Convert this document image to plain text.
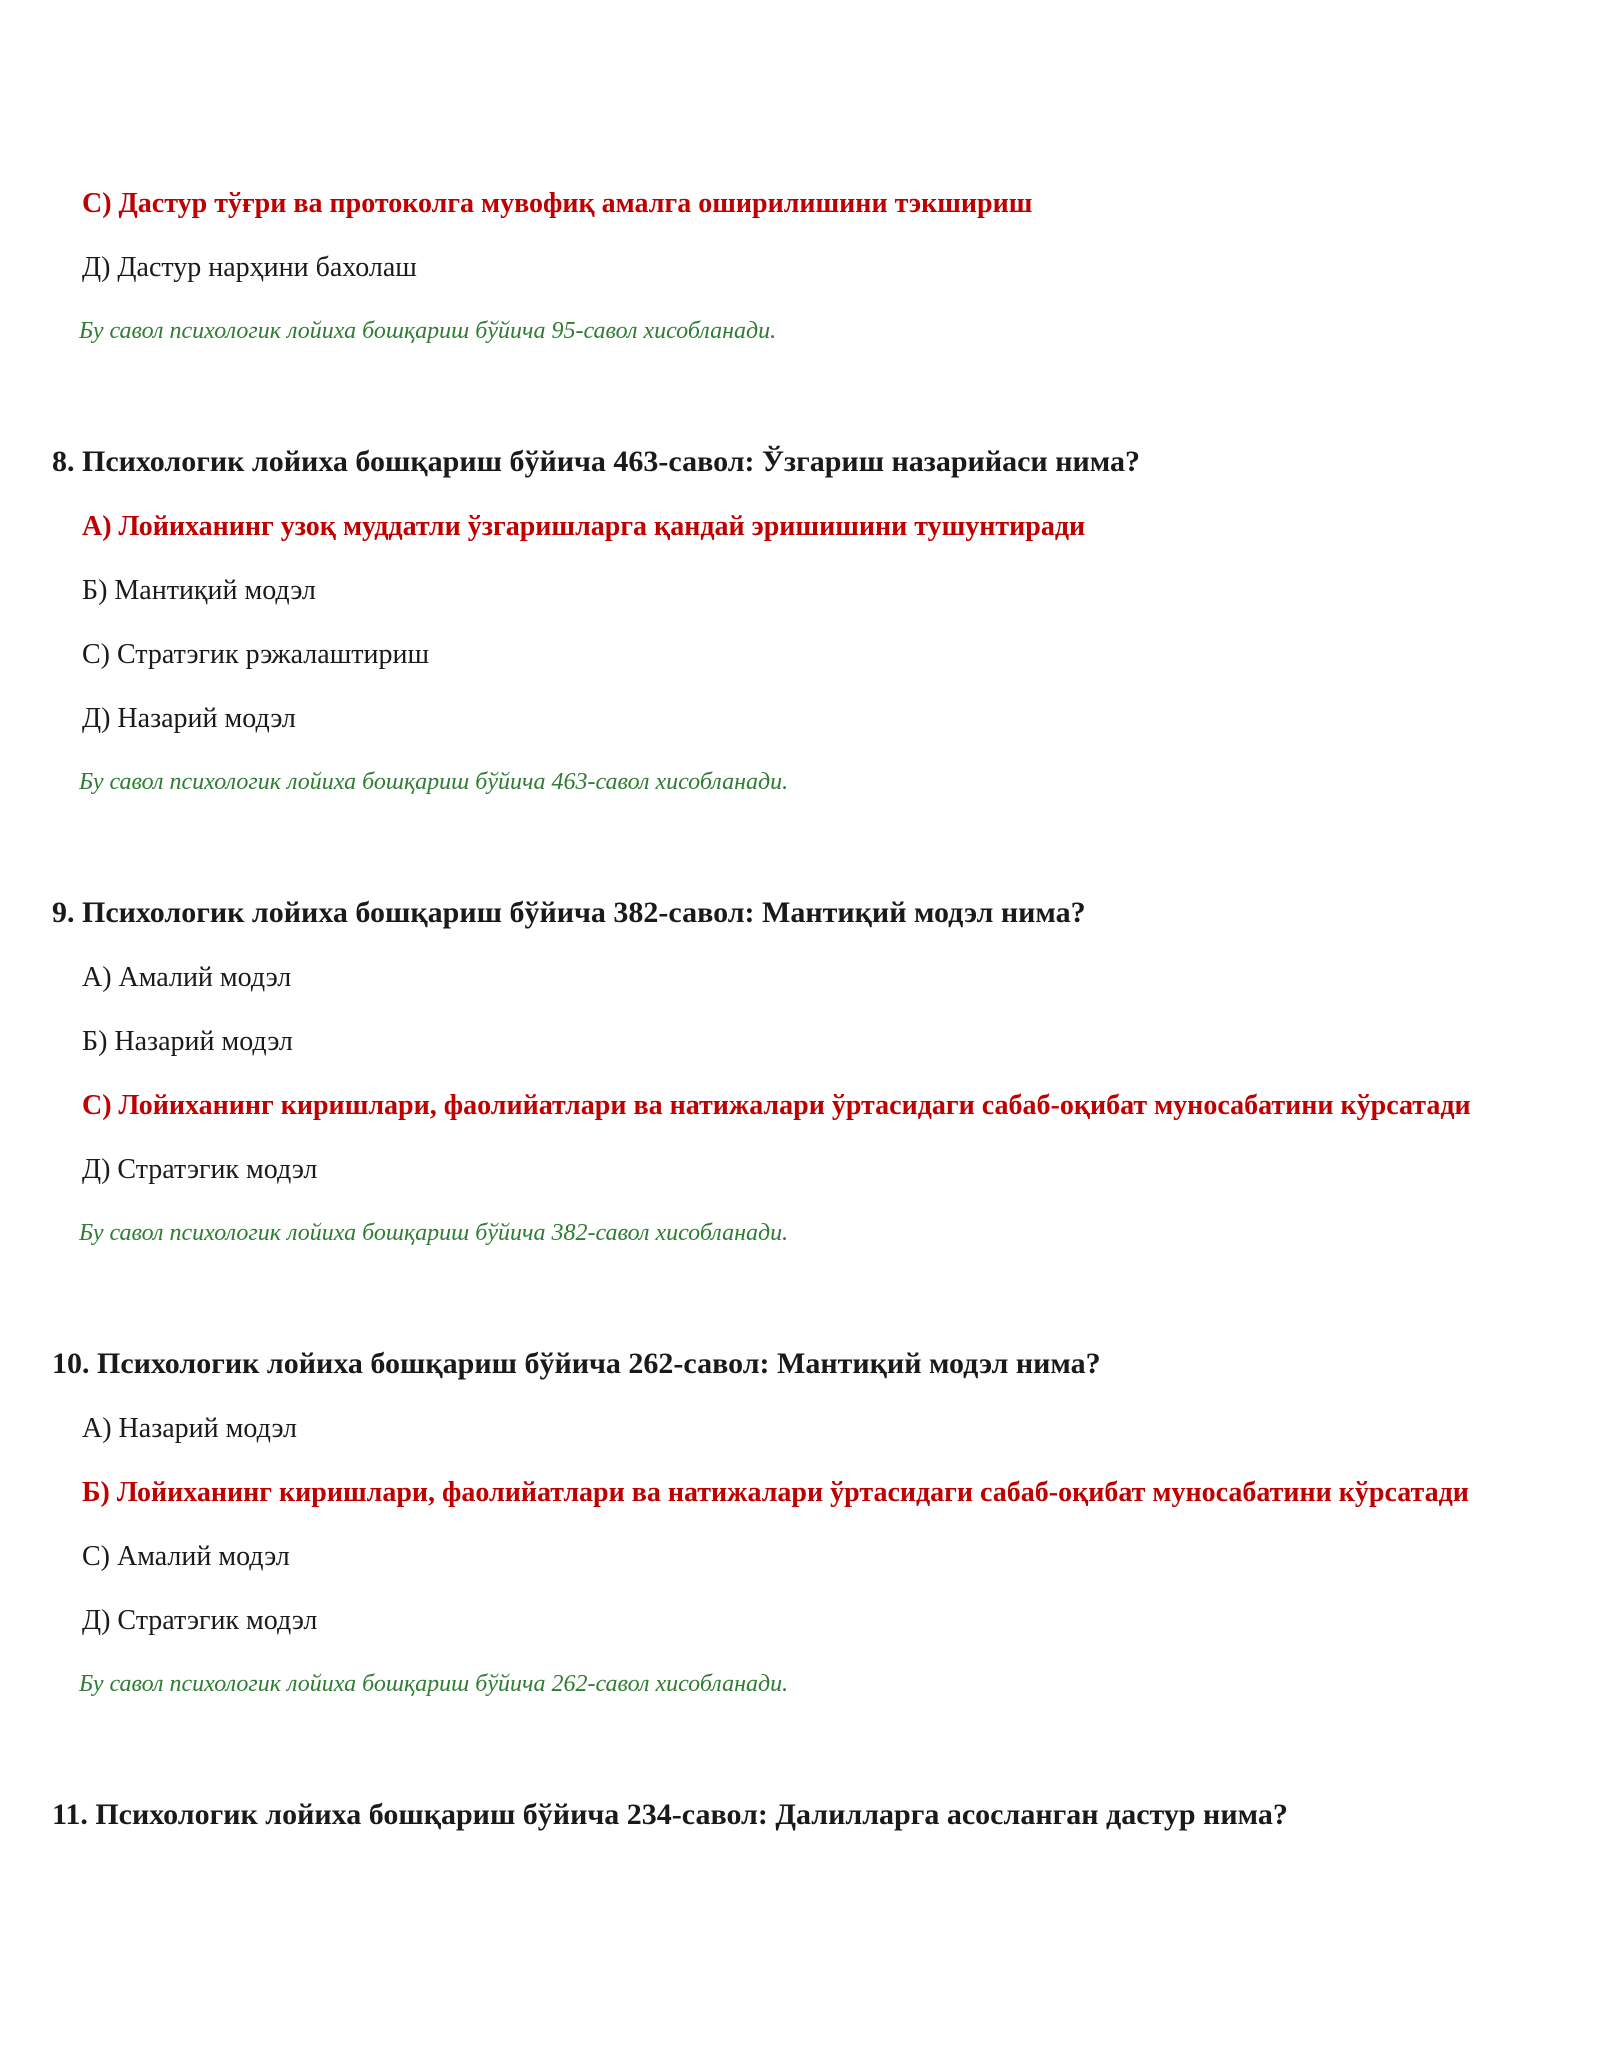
С) Дастур тўғри ва протоколга мувофиқ амалга оширилишини тэкшириш
Д) Дастур нарҳини бахолаш
Бу савол психологик лойиха бошқариш бўйича 95-савол хисобланади.
8. Психологик лойиха бошқариш бўйича 463-савол: Ўзгариш назарийаси нима?
А) Лойиханинг узоқ муддатли ўзгаришларга қандай эришишини тушунтиради
Б) Мантиқий модэл
С) Стратэгик рэжалаштириш
Д) Назарий модэл
Бу савол психологик лойиха бошқариш бўйича 463-савол хисобланади.
9. Психологик лойиха бошқариш бўйича 382-савол: Мантиқий модэл нима?
А) Амалий модэл
Б) Назарий модэл
С) Лойиханинг киришлари, фаолийатлари ва натижалари ўртасидаги сабаб-оқибат муносабатини кўрсатади
Д) Стратэгик модэл
Бу савол психологик лойиха бошқариш бўйича 382-савол хисобланади.
10. Психологик лойиха бошқариш бўйича 262-савол: Мантиқий модэл нима?
А) Назарий модэл
Б) Лойиханинг киришлари, фаолийатлари ва натижалари ўртасидаги сабаб-оқибат муносабатини кўрсатади
С) Амалий модэл
Д) Стратэгик модэл
Бу савол психологик лойиха бошқариш бўйича 262-савол хисобланади.
11. Психологик лойиха бошқариш бўйича 234-савол: Далилларга асосланган дастур нима?
